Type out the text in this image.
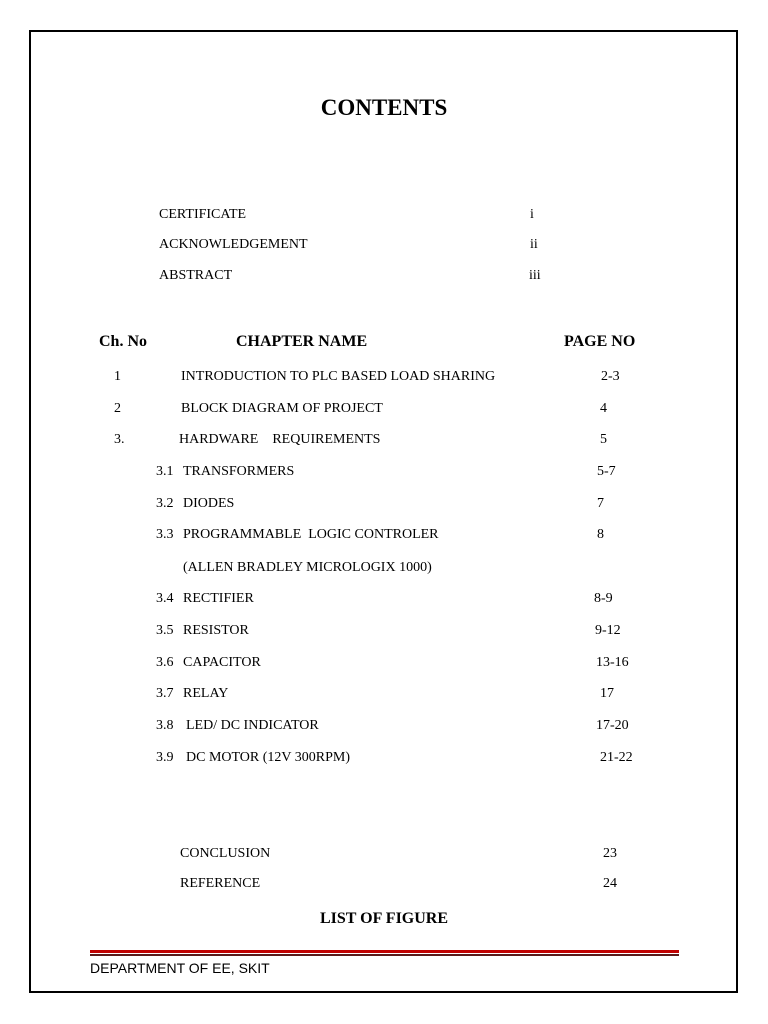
CONTENTS
CERTIFICATE	i
ACKNOWLEDGEMENT	ii
ABSTRACT	iii
Ch. No	CHAPTER NAME	PAGE NO
1	INTRODUCTION TO PLC BASED LOAD SHARING	2-3
2	BLOCK DIAGRAM OF PROJECT	4
3.	HARDWARE    REQUIREMENTS	5
3.1 TRANSFORMERS	5-7
3.2 DIODES	7
3.3 PROGRAMMABLE  LOGIC CONTROLER	8
(ALLEN BRADLEY MICROLOGIX 1000)
3.4 RECTIFIER	8-9
3.5 RESISTOR	9-12
3.6 CAPACITOR	13-16
3.7 RELAY	17
3.8 LED/ DC INDICATOR	17-20
3.9 DC MOTOR (12V 300RPM)	21-22
CONCLUSION	23
REFERENCE	24
LIST OF FIGURE
DEPARTMENT OF EE, SKIT
